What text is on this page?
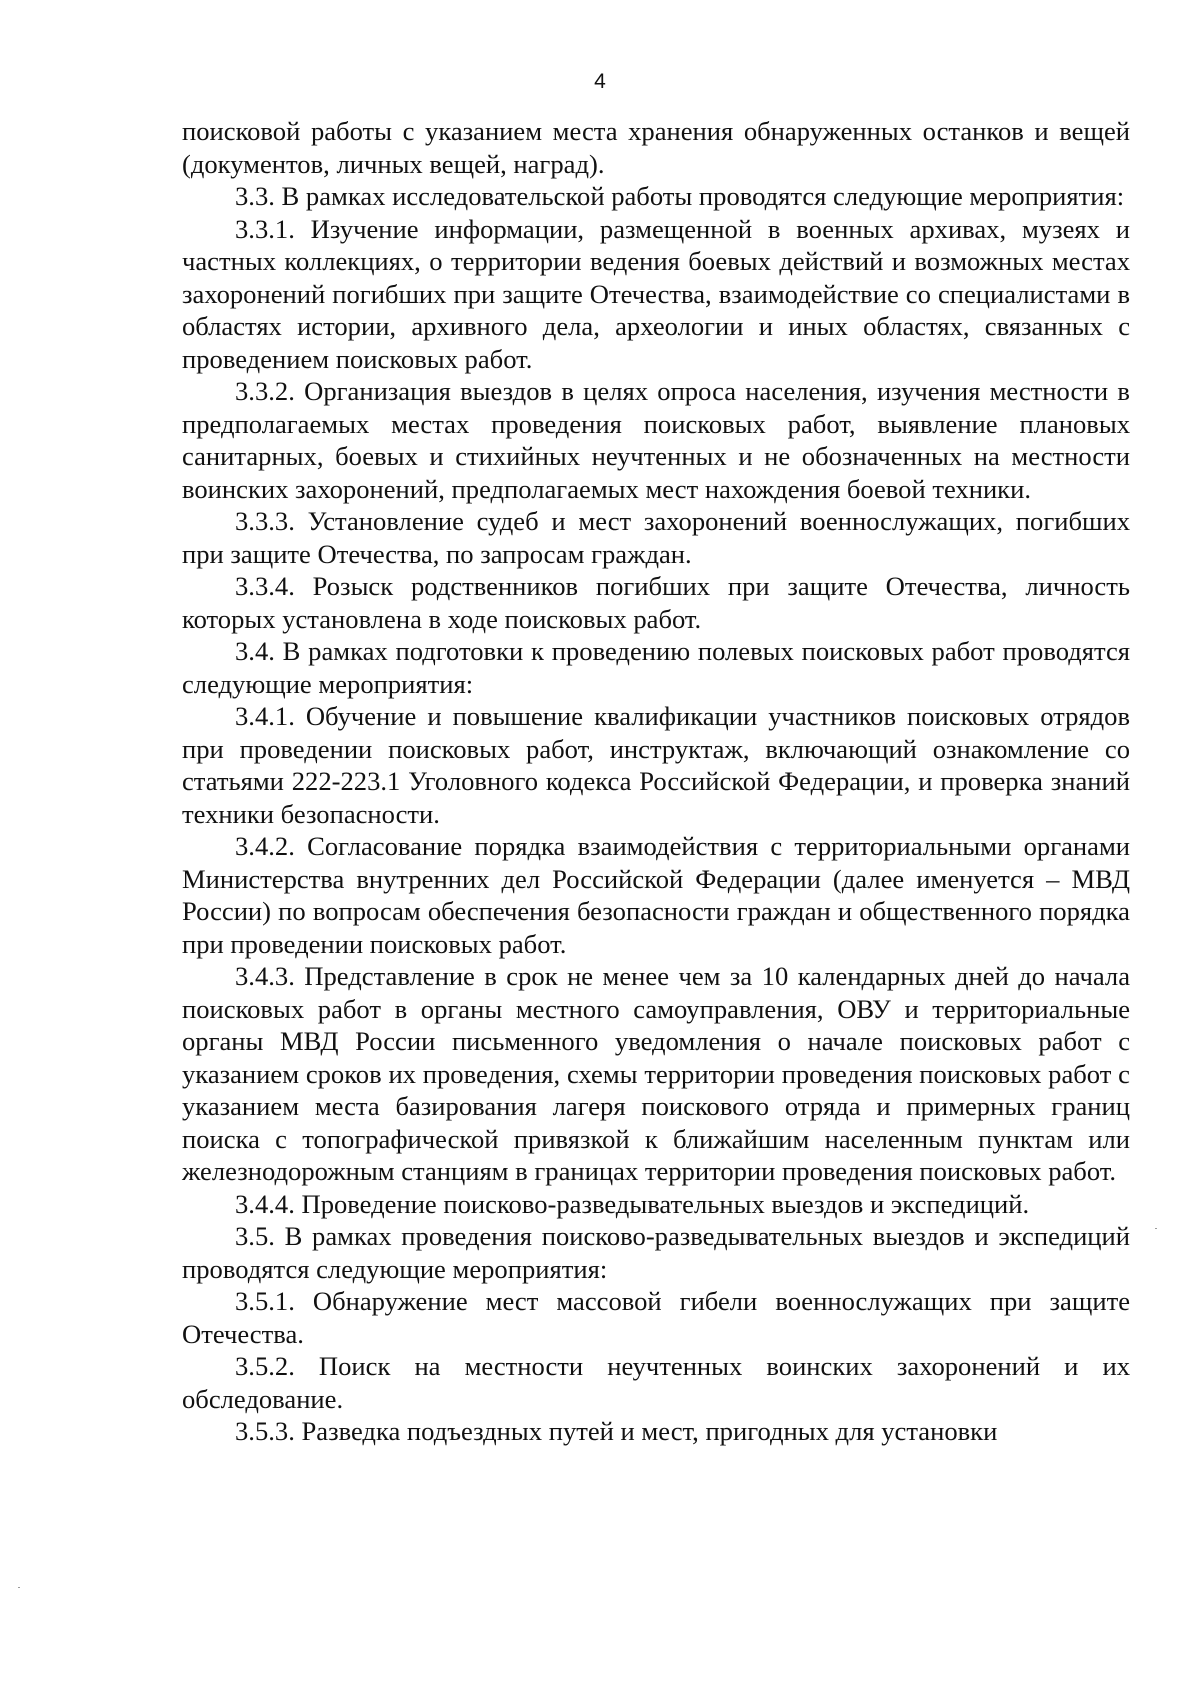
4

поисковой работы с указанием места хранения обнаруженных останков и вещей (документов, личных вещей, наград).

3.3. В рамках исследовательской работы проводятся следующие мероприятия:

3.3.1. Изучение информации, размещенной в военных архивах, музеях и частных коллекциях, о территории ведения боевых действий и возможных местах захоронений погибших при защите Отечества, взаимодействие со специалистами в областях истории, архивного дела, археологии и иных областях, связанных с проведением поисковых работ.

3.3.2. Организация выездов в целях опроса населения, изучения местности в предполагаемых местах проведения поисковых работ, выявление плановых санитарных, боевых и стихийных неучтенных и не обозначенных на местности воинских захоронений, предполагаемых мест нахождения боевой техники.

3.3.3. Установление судеб и мест захоронений военнослужащих, погибших при защите Отечества, по запросам граждан.

3.3.4. Розыск родственников погибших при защите Отечества, личность которых установлена в ходе поисковых работ.

3.4. В рамках подготовки к проведению полевых поисковых работ проводятся следующие мероприятия:

3.4.1. Обучение и повышение квалификации участников поисковых отрядов при проведении поисковых работ, инструктаж, включающий ознакомление со статьями 222-223.1 Уголовного кодекса Российской Федерации, и проверка знаний техники безопасности.

3.4.2. Согласование порядка взаимодействия с территориальными органами Министерства внутренних дел Российской Федерации (далее именуется – МВД России) по вопросам обеспечения безопасности граждан и общественного порядка при проведении поисковых работ.

3.4.3. Представление в срок не менее чем за 10 календарных дней до начала поисковых работ в органы местного самоуправления, ОВУ и территориальные органы МВД России письменного уведомления о начале поисковых работ с указанием сроков их проведения, схемы территории проведения поисковых работ с указанием места базирования лагеря поискового отряда и примерных границ поиска с топографической привязкой к ближайшим населенным пунктам или железнодорожным станциям в границах территории проведения поисковых работ.

3.4.4. Проведение поисково-разведывательных выездов и экспедиций.

3.5. В рамках проведения поисково-разведывательных выездов и экспедиций проводятся следующие мероприятия:

3.5.1. Обнаружение мест массовой гибели военнослужащих при защите Отечества.

3.5.2. Поиск на местности неучтенных воинских захоронений и их обследование.

3.5.3. Разведка подъездных путей и мест, пригодных для установки
